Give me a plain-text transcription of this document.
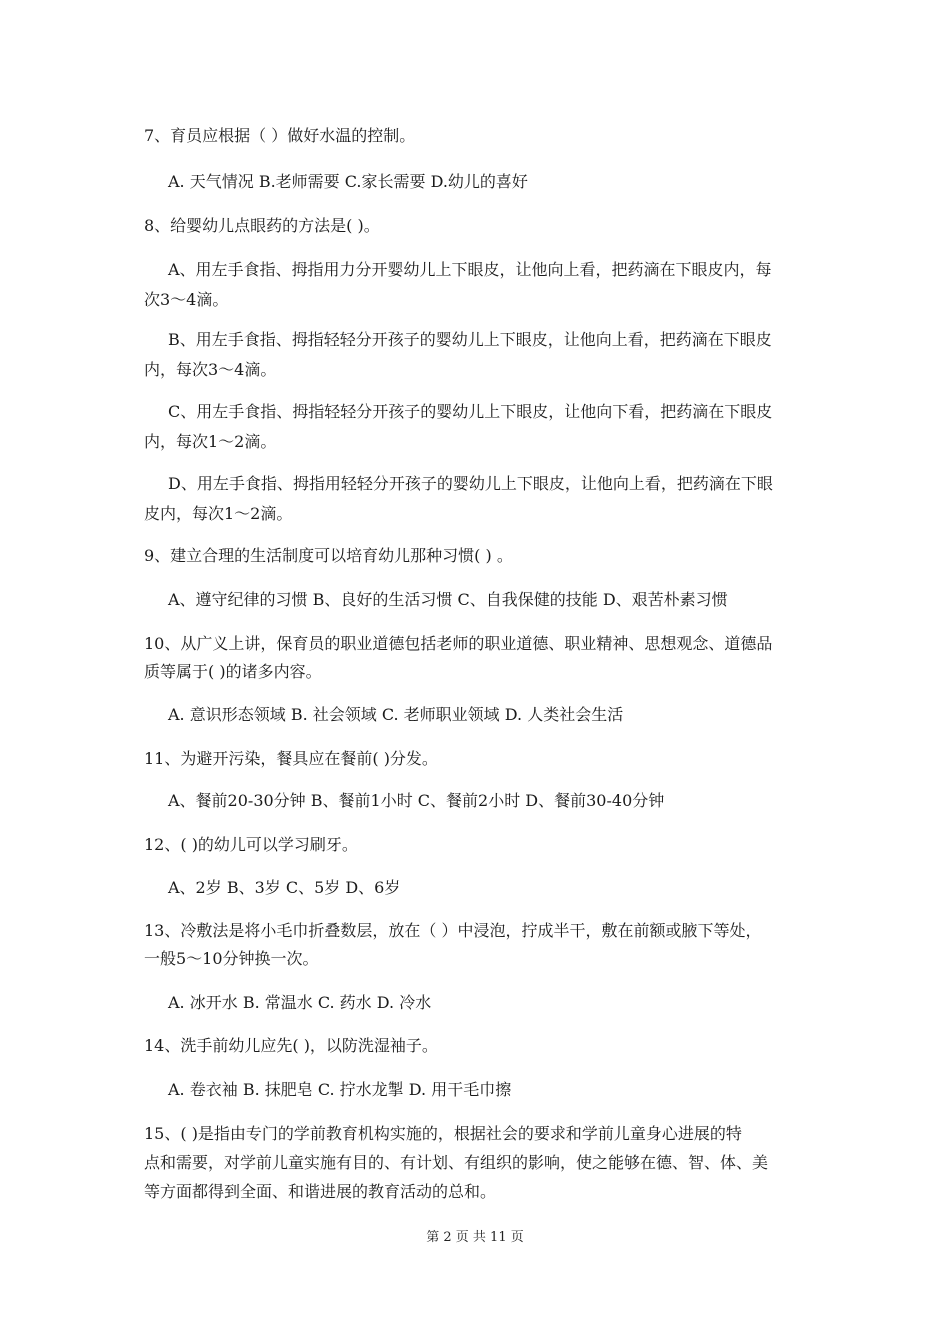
7、育员应根据（ ）做好水温的控制。
A. 天气情况 B.老师需要 C.家长需要 D.幼儿的喜好
8、给婴幼儿点眼药的方法是( )。
A、用左手食指、拇指用力分开婴幼儿上下眼皮，让他向上看，把药滴在下眼皮内，每
次3～4滴。
B、用左手食指、拇指轻轻分开孩子的婴幼儿上下眼皮，让他向上看，把药滴在下眼皮
内，每次3～4滴。
C、用左手食指、拇指轻轻分开孩子的婴幼儿上下眼皮，让他向下看，把药滴在下眼皮
内，每次1～2滴。
D、用左手食指、拇指用轻轻分开孩子的婴幼儿上下眼皮，让他向上看，把药滴在下眼
皮内，每次1～2滴。
9、建立合理的生活制度可以培育幼儿那种习惯( ) 。
A、遵守纪律的习惯 B、良好的生活习惯 C、自我保健的技能 D、艰苦朴素习惯
10、从广义上讲，保育员的职业道德包括老师的职业道德、职业精神、思想观念、道德品
质等属于( )的诸多内容。
A. 意识形态领域 B. 社会领域 C. 老师职业领域 D. 人类社会生活
11、为避开污染，餐具应在餐前( )分发。
A、餐前20-30分钟 B、餐前1小时 C、餐前2小时 D、餐前30-40分钟
12、( )的幼儿可以学习刷牙。
A、2岁 B、3岁 C、5岁 D、6岁
13、冷敷法是将小毛巾折叠数层，放在（ ）中浸泡，拧成半干，敷在前额或腋下等处，
一般5～10分钟换一次。
A. 冰开水 B. 常温水 C. 药水 D. 冷水
14、洗手前幼儿应先( )，以防洗湿袖子。
A. 卷衣袖 B. 抹肥皂 C. 拧水龙掣 D. 用干毛巾擦
15、( )是指由专门的学前教育机构实施的，根据社会的要求和学前儿童身心进展的特
点和需要，对学前儿童实施有目的、有计划、有组织的影响，使之能够在德、智、体、美
等方面都得到全面、和谐进展的教育活动的总和。
第 2 页 共 11 页
